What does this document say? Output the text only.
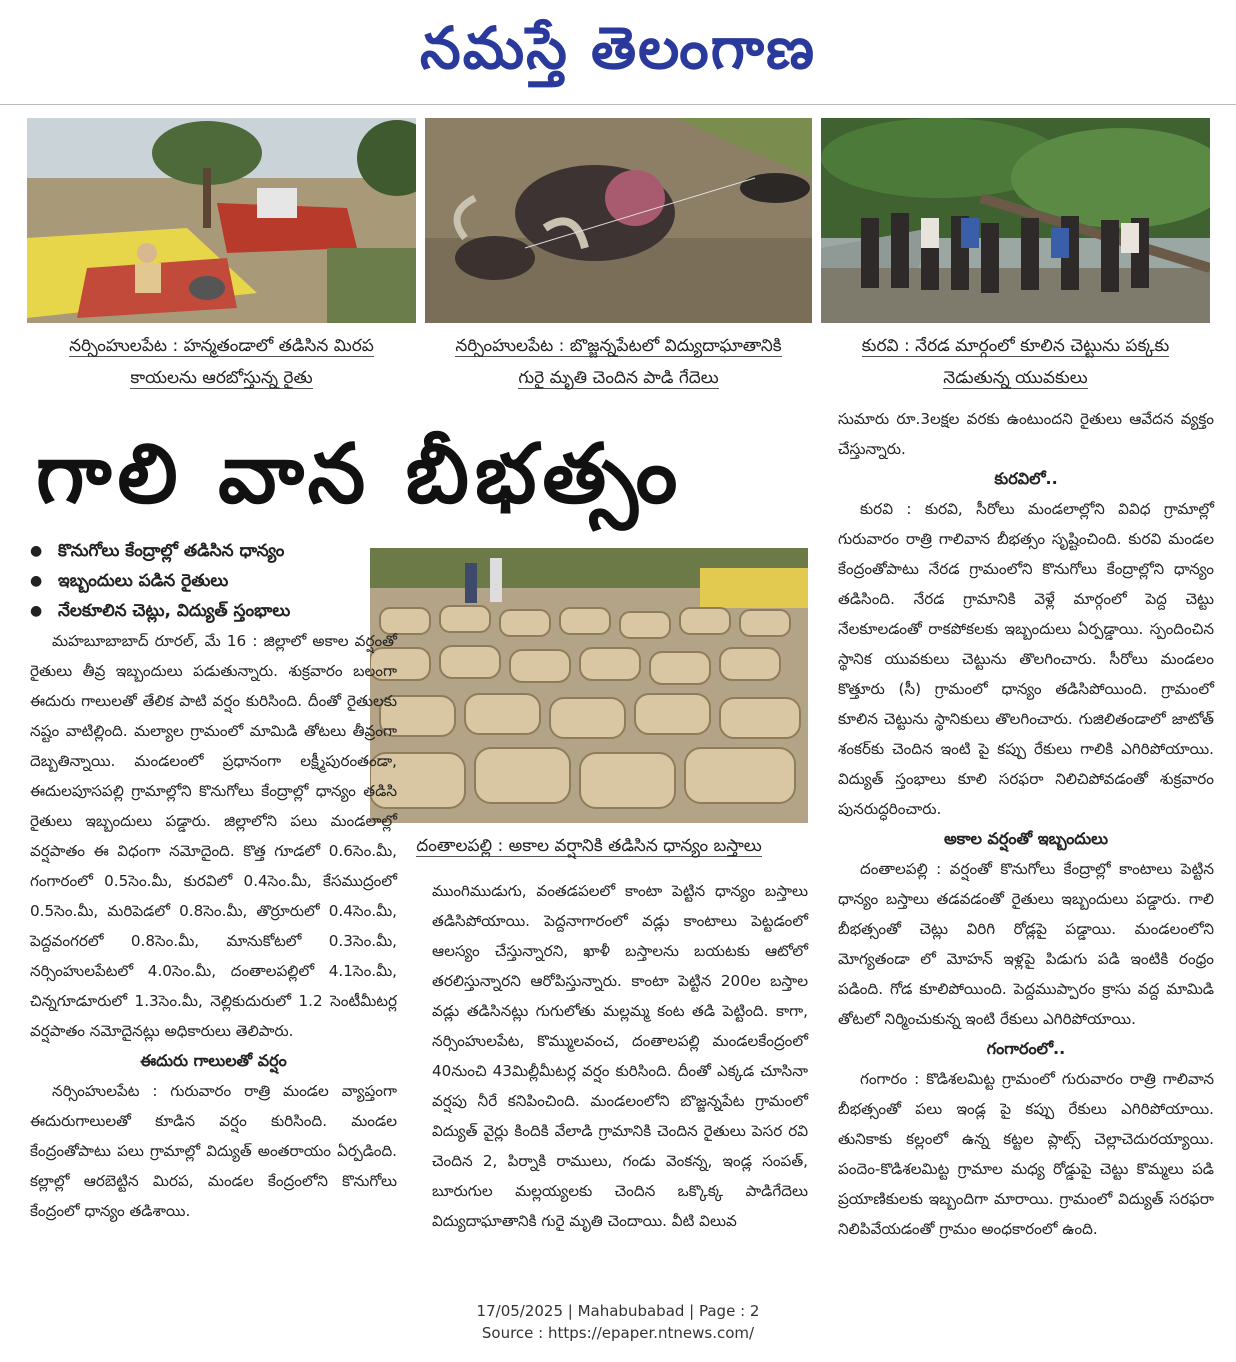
నమస్తే తెలంగాణ
నర్సింహులపేట : హన్మతండాలో తడిసిన మిరప
కాయలను ఆరబోస్తున్న రైతు
నర్సింహులపేట : బొజ్జన్నపేటలో విద్యుదాఘాతానికి
గురై మృతి చెందిన పాడి గేదెలు
కురవి : నేరడ మార్గంలో కూలిన చెట్టును పక్కకు
నెడుతున్న యువకులు
గాలి వాన బీభత్సం
● కొనుగోలు కేంద్రాల్లో తడిసిన ధాన్యం
● ఇబ్బందులు పడిన రైతులు
● నేలకూలిన చెట్లు, విద్యుత్ స్తంభాలు
దంతాలపల్లి : అకాల వర్షానికి తడిసిన ధాన్యం బస్తాలు

మహబూబాబాద్ రూరల్, మే 16 : జిల్లాలో అకాల వర్షంతో రైతులు తీవ్ర ఇబ్బందులు పడుతున్నారు. శుక్రవారం బలంగా ఈదురు గాలులతో తేలిక పాటి వర్షం కురిసింది. దీంతో రైతులకు నష్టం వాటిల్లింది. మల్యాల గ్రామంలో మామిడి తోటలు తీవ్రంగా దెబ్బతిన్నాయి. మండలంలో ప్రధానంగా లక్ష్మీపురంతండా, ఈదులపూసపల్లి గ్రామాల్లోని కొనుగోలు కేంద్రాల్లో ధాన్యం తడిసి రైతులు ఇబ్బందులు పడ్డారు. జిల్లాలోని పలు మండలాల్లో వర్షపాతం ఈ విధంగా నమోదైంది. కొత్త గూడలో 0.6సెం.మీ, గంగారంలో 0.5సెం.మీ, కురవిలో 0.4సెం.మీ, కేసముద్రంలో 0.5సెం.మీ, మరిపెడలో 0.8సెం.మీ, తొర్రూరులో 0.4సెం.మీ, పెద్దవంగరలో 0.8సెం.మీ, మానుకోటలో 0.3సెం.మీ, నర్సింహులపేటలో 4.0సెం.మీ, దంతాలపల్లిలో 4.1సెం.మీ, చిన్నగూడూరులో 1.3సెం.మీ, నెల్లికుదురులో 1.2 సెంటీమీటర్ల వర్షపాతం నమోదైనట్లు అధికారులు తెలిపారు.

ఈదురు గాలులతో వర్షం

నర్సింహులపేట : గురువారం రాత్రి మండల వ్యాప్తంగా ఈదురుగాలులతో కూడిన వర్షం కురిసింది. మండల కేంద్రంతోపాటు పలు గ్రామాల్లో విద్యుత్ అంతరాయం ఏర్పడింది. కల్లాల్లో ఆరబెట్టిన మిరప, మండల కేంద్రంలోని కొనుగోలు కేంద్రంలో ధాన్యం తడిశాయి.

ముంగిముడుగు, వంతడపలలో కాంటా పెట్టిన ధాన్యం బస్తాలు తడిసిపోయాయి. పెద్దనాగారంలో వడ్లు కాంటాలు పెట్టడంలో ఆలస్యం చేస్తున్నారని, ఖాళీ బస్తాలను బయటకు ఆటోలో తరలిస్తున్నారని ఆరోపిస్తున్నారు. కాంటా పెట్టిన 200ల బస్తాల వడ్లు తడిసినట్లు గుగులోతు మల్లమ్మ కంట తడి పెట్టింది. కాగా, నర్సింహులపేట, కొమ్ములవంచ, దంతాలపల్లి మండలకేంద్రంలో 40నుంచి 43మిల్లీమీటర్ల వర్షం కురిసింది. దీంతో ఎక్కడ చూసినా వర్షపు నీరే కనిపించింది. మండలంలోని బొజ్జన్నపేట గ్రామంలో విద్యుత్ వైర్లు కిందికి వేలాడి గ్రామానికి చెందిన రైతులు పెసర రవి చెందిన 2, పిర్నాకి రాములు, గండు వెంకన్న, ఇండ్ల సంపత్, బూరుగుల మల్లయ్యలకు చెందిన ఒక్కొక్క పాడిగేదెలు విద్యుదాఘాతానికి గురై మృతి చెందాయి. వీటి విలువ

సుమారు రూ.3లక్షల వరకు ఉంటుందని రైతులు ఆవేదన వ్యక్తం చేస్తున్నారు.

కురవిలో..

కురవి : కురవి, సీరోలు మండలాల్లోని వివిధ గ్రామాల్లో గురువారం రాత్రి గాలివాన బీభత్సం సృష్టించింది. కురవి మండల కేంద్రంతోపాటు నేరడ గ్రామంలోని కొనుగోలు కేంద్రాల్లోని ధాన్యం తడిసింది. నేరడ గ్రామానికి వెళ్లే మార్గంలో పెద్ద చెట్టు నేలకూలడంతో రాకపోకలకు ఇబ్బందులు ఏర్పడ్డాయి. స్పందించిన స్థానిక యువకులు చెట్టును తొలగించారు. సీరోలు మండలం కొత్తూరు (సీ) గ్రామంలో ధాన్యం తడిసిపోయింది. గ్రామంలో కూలిన చెట్టును స్థానికులు తొలగించారు. గుజిలితండాలో జాటోత్ శంకర్‌కు చెందిన ఇంటి పై కప్పు రేకులు గాలికి ఎగిరిపోయాయి. విద్యుత్ స్తంభాలు కూలి సరఫరా నిలిచిపోవడంతో శుక్రవారం పునరుద్ధరించారు.

అకాల వర్షంతో ఇబ్బందులు

దంతాలపల్లి : వర్షంతో కొనుగోలు కేంద్రాల్లో కాంటాలు పెట్టిన ధాన్యం బస్తాలు తడవడంతో రైతులు ఇబ్బందులు పడ్డారు. గాలి బీభత్సంతో చెట్లు విరిగి రోడ్లపై పడ్డాయి. మండలంలోని మోగ్యతండా లో మోహన్ ఇళ్లపై పిడుగు పడి ఇంటికి రంధ్రం పడింది. గోడ కూలిపోయింది. పెద్దముప్పారం క్రాసు వద్ద మామిడి తోటలో నిర్మించుకున్న ఇంటి రేకులు ఎగిరిపోయాయి.

గంగారంలో..

గంగారం : కొడిశలమిట్ట గ్రామంలో గురువారం రాత్రి గాలివాన బీభత్సంతో పలు ఇండ్ల పై కప్పు రేకులు ఎగిరిపోయాయి. తునికాకు కల్లంలో ఉన్న కట్టల ప్లాట్స్ చెల్లాచెదురయ్యాయి. పందెం-కొడిశలమిట్ట గ్రామాల మధ్య రోడ్డుపై చెట్టు కొమ్మలు పడి ప్రయాణికులకు ఇబ్బందిగా మారాయి. గ్రామంలో విద్యుత్ సరఫరా నిలిపివేయడంతో గ్రామం అంధకారంలో ఉంది.

17/05/2025 | Mahabubabad | Page : 2
Source : https://epaper.ntnews.com/
